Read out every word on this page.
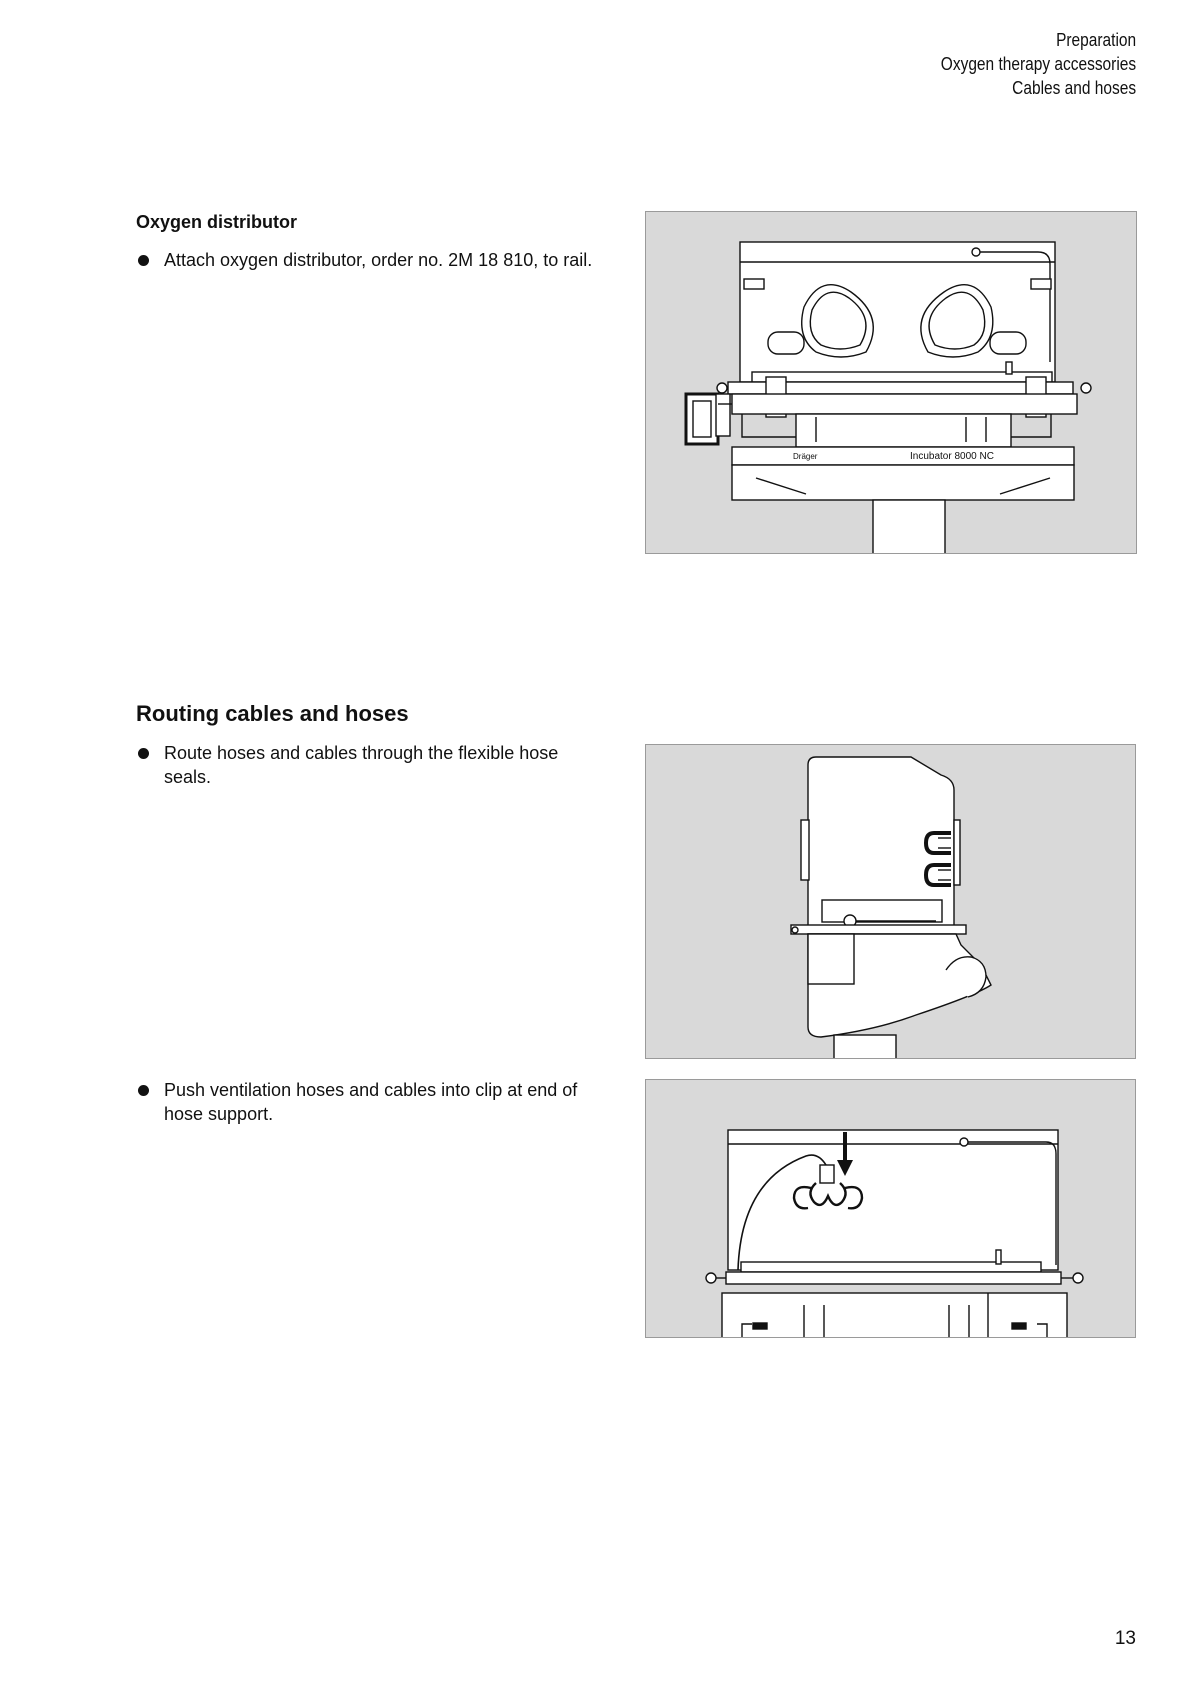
Preparation
Oxygen therapy accessories
Cables and hoses
Oxygen distributor
Attach oxygen distributor, order no. 2M 18 810, to rail.
Dräger	Incubator 8000 NC
Routing cables and hoses
Route hoses and cables through the flexible hose seals.
Push ventilation hoses and cables into clip at end of hose support.
13
